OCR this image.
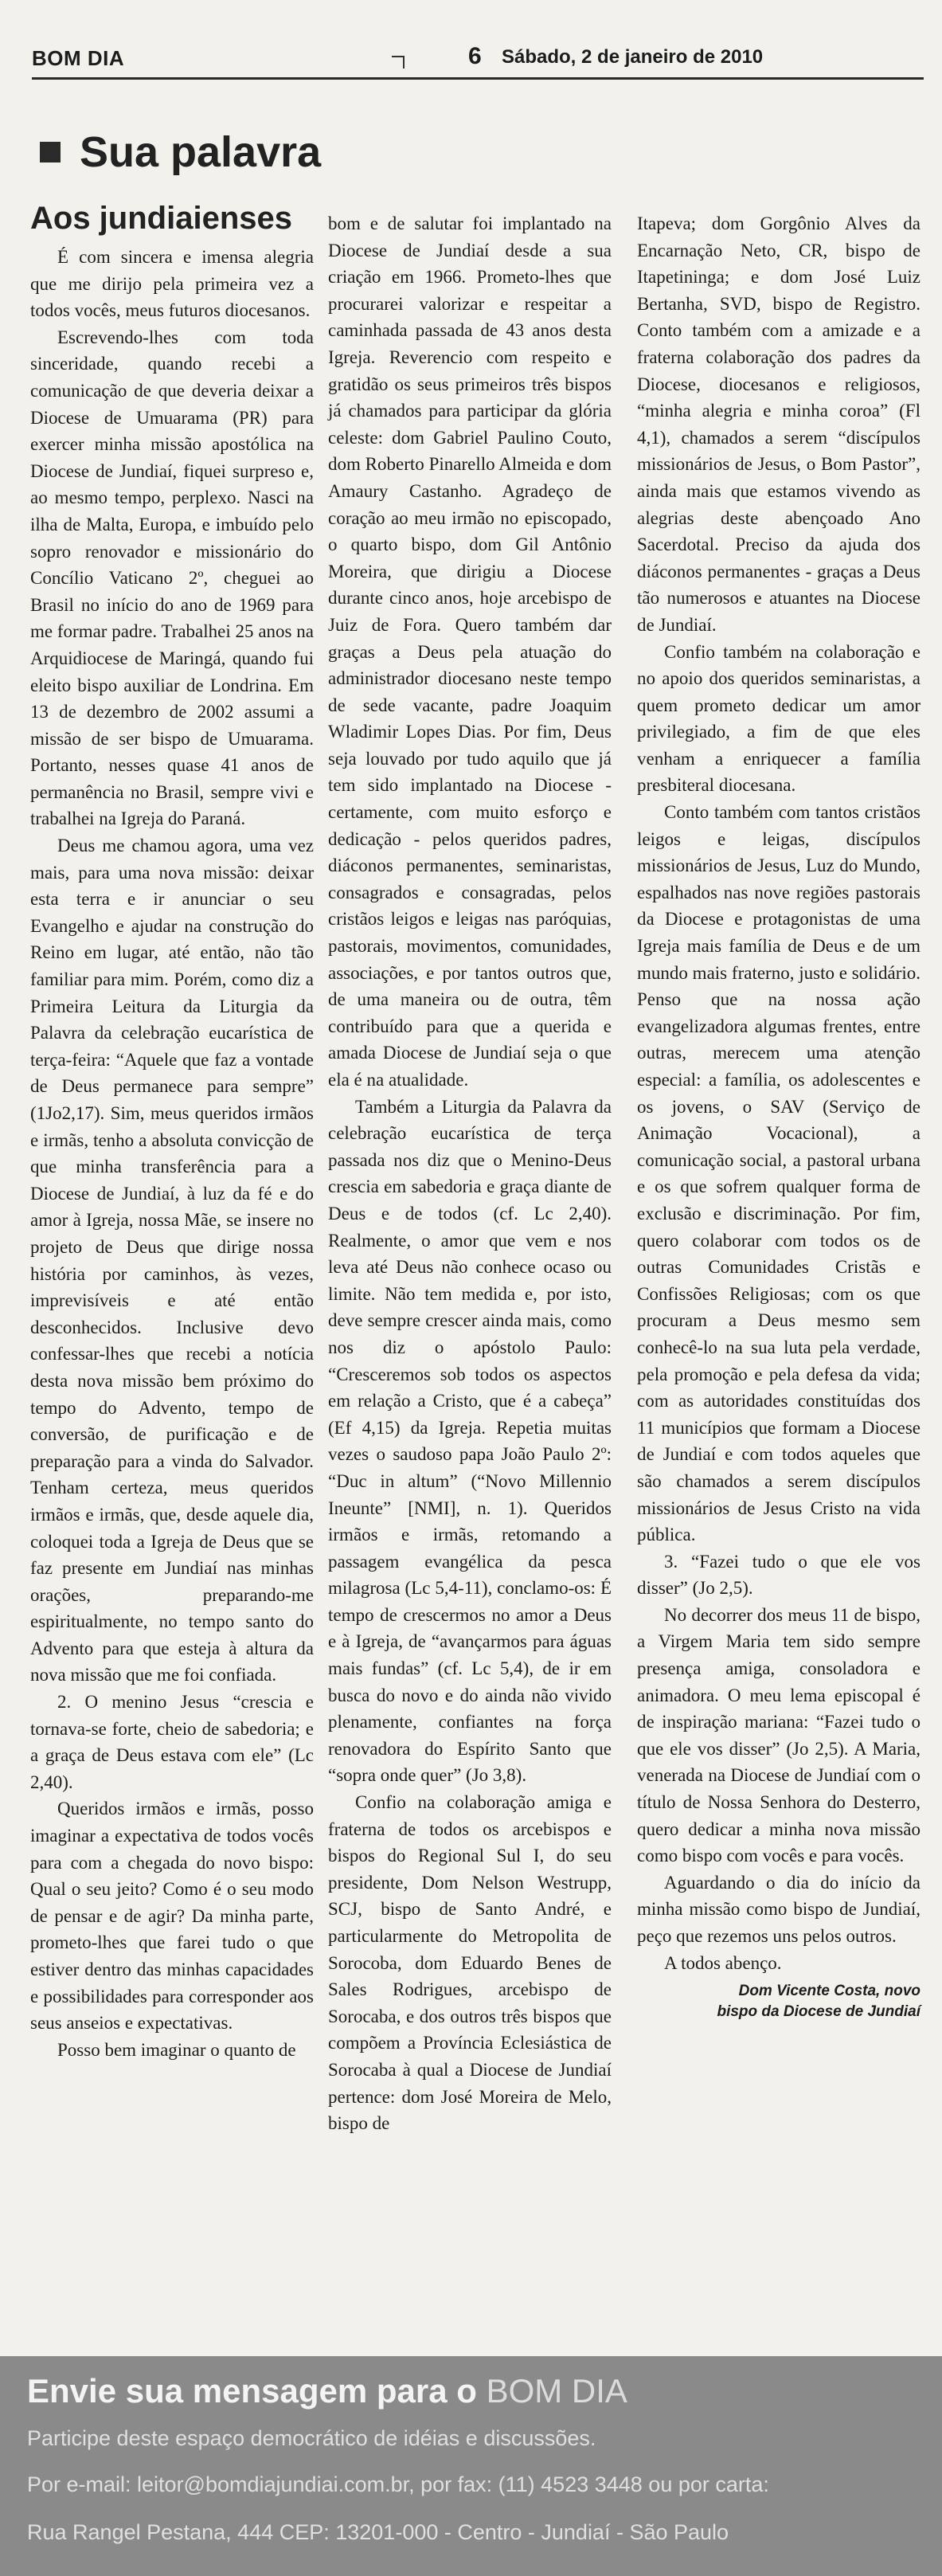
BOM DIA	6 Sábado, 2 de janeiro de 2010
Sua palavra
Aos jundiaienses

É com sincera e imensa alegria que me dirijo pela primeira vez a todos vocês, meus futuros diocesanos.

Escrevendo-lhes com toda sinceridade, quando recebi a comunicação de que deveria deixar a Diocese de Umuarama (PR) para exercer minha missão apostólica na Diocese de Jundiaí, fiquei surpreso e, ao mesmo tempo, perplexo. Nasci na ilha de Malta, Europa, e imbuído pelo sopro renovador e missionário do Concílio Vaticano 2º, cheguei ao Brasil no início do ano de 1969 para me formar padre. Trabalhei 25 anos na Arquidiocese de Maringá, quando fui eleito bispo auxiliar de Londrina. Em 13 de dezembro de 2002 assumi a missão de ser bispo de Umuarama. Portanto, nesses quase 41 anos de permanência no Brasil, sempre vivi e trabalhei na Igreja do Paraná.

Deus me chamou agora, uma vez mais, para uma nova missão: deixar esta terra e ir anunciar o seu Evangelho e ajudar na construção do Reino em lugar, até então, não tão familiar para mim. Porém, como diz a Primeira Leitura da Liturgia da Palavra da celebração eucarística de terça-feira: “Aquele que faz a vontade de Deus permanece para sempre” (1Jo2,17). Sim, meus queridos irmãos e irmãs, tenho a absoluta convicção de que minha transferência para a Diocese de Jundiaí, à luz da fé e do amor à Igreja, nossa Mãe, se insere no projeto de Deus que dirige nossa história por caminhos, às vezes, imprevisíveis e até então desconhecidos. Inclusive devo confessar-lhes que recebi a notícia desta nova missão bem próximo do tempo do Advento, tempo de conversão, de purificação e de preparação para a vinda do Salvador. Tenham certeza, meus queridos irmãos e irmãs, que, desde aquele dia, coloquei toda a Igreja de Deus que se faz presente em Jundiaí nas minhas orações, preparando-me espiritualmente, no tempo santo do Advento para que esteja à altura da nova missão que me foi confiada.

2. O menino Jesus “crescia e tornava-se forte, cheio de sabedoria; e a graça de Deus estava com ele” (Lc 2,40).

Queridos irmãos e irmãs, posso imaginar a expectativa de todos vocês para com a chegada do novo bispo: Qual o seu jeito? Como é o seu modo de pensar e de agir? Da minha parte, prometo-lhes que farei tudo o que estiver dentro das minhas capacidades e possibilidades para corresponder aos seus anseios e expectativas.

Posso bem imaginar o quanto de

bom e de salutar foi implantado na Diocese de Jundiaí desde a sua criação em 1966. Prometo-lhes que procurarei valorizar e respeitar a caminhada passada de 43 anos desta Igreja. Reverencio com respeito e gratidão os seus primeiros três bispos já chamados para participar da glória celeste: dom Gabriel Paulino Couto, dom Roberto Pinarello Almeida e dom Amaury Castanho. Agradeço de coração ao meu irmão no episcopado, o quarto bispo, dom Gil Antônio Moreira, que dirigiu a Diocese durante cinco anos, hoje arcebispo de Juiz de Fora. Quero também dar graças a Deus pela atuação do administrador diocesano neste tempo de sede vacante, padre Joaquim Wladimir Lopes Dias. Por fim, Deus seja louvado por tudo aquilo que já tem sido implantado na Diocese - certamente, com muito esforço e dedicação - pelos queridos padres, diáconos permanentes, seminaristas, consagrados e consagradas, pelos cristãos leigos e leigas nas paróquias, pastorais, movimentos, comunidades, associações, e por tantos outros que, de uma maneira ou de outra, têm contribuído para que a querida e amada Diocese de Jundiaí seja o que ela é na atualidade.

Também a Liturgia da Palavra da celebração eucarística de terça passada nos diz que o Menino-Deus crescia em sabedoria e graça diante de Deus e de todos (cf. Lc 2,40). Realmente, o amor que vem e nos leva até Deus não conhece ocaso ou limite. Não tem medida e, por isto, deve sempre crescer ainda mais, como nos diz o apóstolo Paulo: “Cresceremos sob todos os aspectos em relação a Cristo, que é a cabeça” (Ef 4,15) da Igreja. Repetia muitas vezes o saudoso papa João Paulo 2º: “Duc in altum” (“Novo Millennio Ineunte” [NMI], n. 1). Queridos irmãos e irmãs, retomando a passagem evangélica da pesca milagrosa (Lc 5,4-11), conclamo-os: É tempo de crescermos no amor a Deus e à Igreja, de “avançarmos para águas mais fundas” (cf. Lc 5,4), de ir em busca do novo e do ainda não vivido plenamente, confiantes na força renovadora do Espírito Santo que “sopra onde quer” (Jo 3,8).

Confio na colaboração amiga e fraterna de todos os arcebispos e bispos do Regional Sul I, do seu presidente, Dom Nelson Westrupp, SCJ, bispo de Santo André, e particularmente do Metropolita de Sorocoba, dom Eduardo Benes de Sales Rodrigues, arcebispo de Sorocaba, e dos outros três bispos que compõem a Província Eclesiástica de Sorocaba à qual a Diocese de Jundiaí pertence: dom José Moreira de Melo, bispo de

Itapeva; dom Gorgônio Alves da Encarnação Neto, CR, bispo de Itapetininga; e dom José Luiz Bertanha, SVD, bispo de Registro. Conto também com a amizade e a fraterna colaboração dos padres da Diocese, diocesanos e religiosos, “minha alegria e minha coroa” (Fl 4,1), chamados a serem “discípulos missionários de Jesus, o Bom Pastor”, ainda mais que estamos vivendo as alegrias deste abençoado Ano Sacerdotal. Preciso da ajuda dos diáconos permanentes - graças a Deus tão numerosos e atuantes na Diocese de Jundiaí.

Confio também na colaboração e no apoio dos queridos seminaristas, a quem prometo dedicar um amor privilegiado, a fim de que eles venham a enriquecer a família presbiteral diocesana.

Conto também com tantos cristãos leigos e leigas, discípulos missionários de Jesus, Luz do Mundo, espalhados nas nove regiões pastorais da Diocese e protagonistas de uma Igreja mais família de Deus e de um mundo mais fraterno, justo e solidário. Penso que na nossa ação evangelizadora algumas frentes, entre outras, merecem uma atenção especial: a família, os adolescentes e os jovens, o SAV (Serviço de Animação Vocacional), a comunicação social, a pastoral urbana e os que sofrem qualquer forma de exclusão e discriminação. Por fim, quero colaborar com todos os de outras Comunidades Cristãs e Confissões Religiosas; com os que procuram a Deus mesmo sem conhecê-lo na sua luta pela verdade, pela promoção e pela defesa da vida; com as autoridades constituídas dos 11 municípios que formam a Diocese de Jundiaí e com todos aqueles que são chamados a serem discípulos missionários de Jesus Cristo na vida pública.

3. “Fazei tudo o que ele vos disser” (Jo 2,5).

No decorrer dos meus 11 de bispo, a Virgem Maria tem sido sempre presença amiga, consoladora e animadora. O meu lema episcopal é de inspiração mariana: “Fazei tudo o que ele vos disser” (Jo 2,5). A Maria, venerada na Diocese de Jundiaí com o título de Nossa Senhora do Desterro, quero dedicar a minha nova missão como bispo com vocês e para vocês.

Aguardando o dia do início da minha missão como bispo de Jundiaí, peço que rezemos uns pelos outros.

A todos abenço.

Dom Vicente Costa, novo
bispo da Diocese de Jundiaí
Envie sua mensagem para o BOM DIA
Participe deste espaço democrático de idéias e discussões.
Por e-mail: leitor@bomdiajundiai.com.br, por fax: (11) 4523 3448 ou por carta:
Rua Rangel Pestana, 444 CEP: 13201-000 - Centro - Jundiaí - São Paulo
